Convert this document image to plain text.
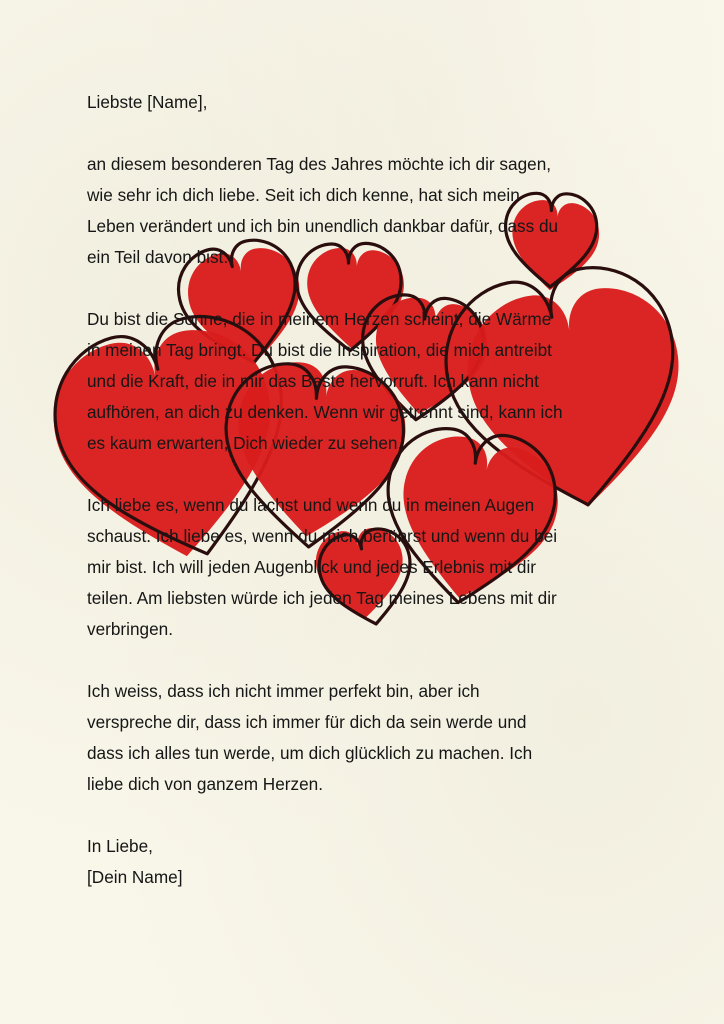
Liebste [Name],

an diesem besonderen Tag des Jahres möchte ich dir sagen,

wie sehr ich dich liebe. Seit ich dich kenne, hat sich mein

Leben verändert und ich bin unendlich dankbar dafür, dass du

ein Teil davon bist.

Du bist die Sonne, die in meinem Herzen scheint, die Wärme

in meinen Tag bringt. Du bist die Inspiration, die mich antreibt

und die Kraft, die in mir das Beste hervorruft. Ich kann nicht

aufhören, an dich zu denken. Wenn wir getrennt sind, kann ich

es kaum erwarten, Dich wieder zu sehen.

Ich liebe es, wenn du lachst und wenn du in meinen Augen

schaust. Ich liebe es, wenn du mich berührst und wenn du bei

mir bist. Ich will jeden Augenblick und jedes Erlebnis mit dir

teilen. Am liebsten würde ich jeden Tag meines Lebens mit dir

verbringen.

Ich weiss, dass ich nicht immer perfekt bin, aber ich

verspreche dir, dass ich immer für dich da sein werde und

dass ich alles tun werde, um dich glücklich zu machen. Ich

liebe dich von ganzem Herzen.

In Liebe,

[Dein Name]
